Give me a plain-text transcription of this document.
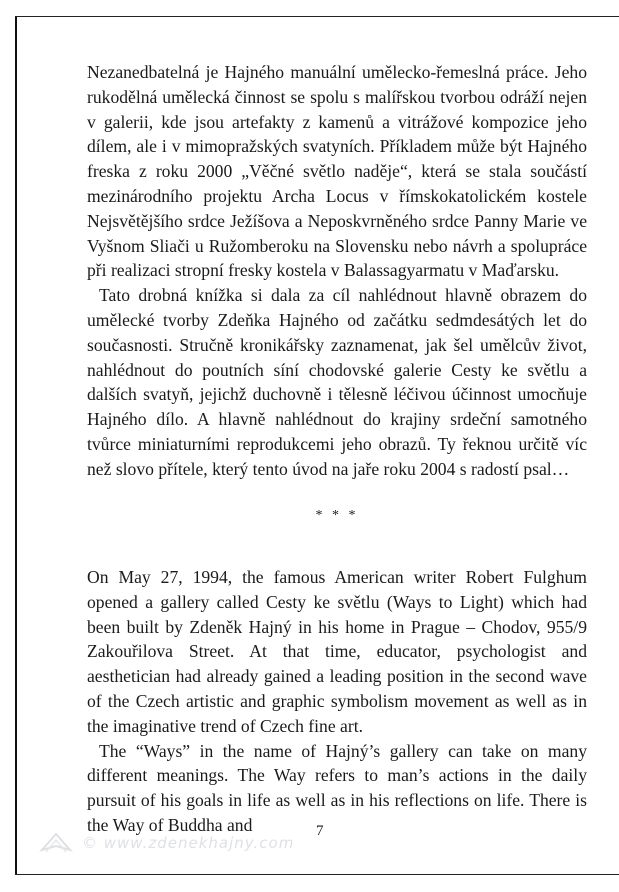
Nezanedbatelná je Hajného manuální umělecko-řemeslná práce. Jeho rukodělná umělecká činnost se spolu s malířskou tvorbou odráží nejen v galerii, kde jsou artefakty z kamenů a vitrážové kompozice jeho dílem, ale i v mimopražských svatyních. Příkladem může být Hajného freska z roku 2000 „Věčné světlo naděje“, která se stala součástí mezinárodního projektu Archa Locus v římskokatolickém kostele Nejsvětějšího srdce Ježíšova a Neposkvrněného srdce Panny Marie ve Vyšnom Sliači u Ružomberoku na Slovensku nebo návrh a spolupráce při realizaci stropní fresky kostela v Balassagyarmatu v Maďarsku.

Tato drobná knížka si dala za cíl nahlédnout hlavně obrazem do umělecké tvorby Zdeňka Hajného od začátku sedmdesátých let do současnosti. Stručně kronikářsky zaznamenat, jak šel umělcův život, nahlédnout do poutních síní chodovské galerie Cesty ke světlu a dalších svatyň, jejichž duchovně i tělesně léčivou účinnost umocňuje Hajného dílo. A hlavně nahlédnout do krajiny srdeční samotného tvůrce miniaturními reprodukcemi jeho obrazů. Ty řeknou určitě víc než slovo přítele, který tento úvod na jaře roku 2004 s radostí psal…

* * *

On May 27, 1994, the famous American writer Robert Fulghum opened a gallery called Cesty ke světlu (Ways to Light) which had been built by Zdeněk Hajný in his home in Prague – Chodov, 955/9 Zakouřilova Street. At that time, educator, psychologist and aesthetician had already gained a leading position in the second wave of the Czech artistic and graphic symbolism movement as well as in the imaginative trend of Czech fine art.

The “Ways” in the name of Hajný’s gallery can take on many different meanings. The Way refers to man’s actions in the daily pursuit of his goals in life as well as in his reflections on life. There is the Way of Buddha and	7
© www.zdenekhajny.com
